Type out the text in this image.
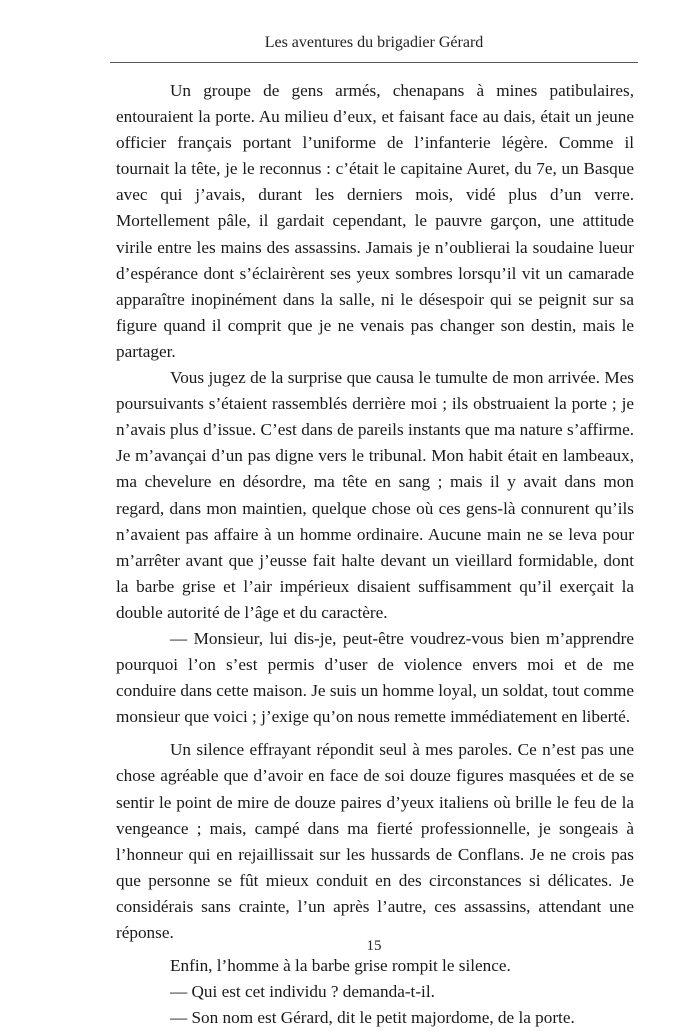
Les aventures du brigadier Gérard

Un groupe de gens armés, chenapans à mines patibulaires, entouraient la porte. Au milieu d’eux, et faisant face au dais, était un jeune officier français portant l’uniforme de l’infanterie légère. Comme il tournait la tête, je le reconnus : c’était le capitaine Auret, du 7e, un Basque avec qui j’avais, durant les derniers mois, vidé plus d’un verre. Mortellement pâle, il gardait cependant, le pauvre garçon, une attitude virile entre les mains des assassins. Jamais je n’oublierai la soudaine lueur d’espérance dont s’éclairèrent ses yeux sombres lorsqu’il vit un camarade apparaître inopinément dans la salle, ni le désespoir qui se peignit sur sa figure quand il comprit que je ne venais pas changer son destin, mais le partager.

Vous jugez de la surprise que causa le tumulte de mon arrivée. Mes poursuivants s’étaient rassemblés derrière moi ; ils obstruaient la porte ; je n’avais plus d’issue. C’est dans de pareils instants que ma nature s’affirme. Je m’avançai d’un pas digne vers le tribunal. Mon habit était en lambeaux, ma chevelure en désordre, ma tête en sang ; mais il y avait dans mon regard, dans mon maintien, quelque chose où ces gens-là connurent qu’ils n’avaient pas affaire à un homme ordinaire. Aucune main ne se leva pour m’arrêter avant que j’eusse fait halte devant un vieillard formidable, dont la barbe grise et l’air impérieux disaient suffisamment qu’il exerçait la double autorité de l’âge et du caractère.

— Monsieur, lui dis-je, peut-être voudrez-vous bien m’apprendre pourquoi l’on s’est permis d’user de violence envers moi et de me conduire dans cette maison. Je suis un homme loyal, un soldat, tout comme monsieur que voici ; j’exige qu’on nous remette immédiatement en liberté.

Un silence effrayant répondit seul à mes paroles. Ce n’est pas une chose agréable que d’avoir en face de soi douze figures masquées et de se sentir le point de mire de douze paires d’yeux italiens où brille le feu de la vengeance ; mais, campé dans ma fierté professionnelle, je songeais à l’honneur qui en rejaillissait sur les hussards de Conflans. Je ne crois pas que personne se fût mieux conduit en des circonstances si délicates. Je considérais sans crainte, l’un après l’autre, ces assassins, attendant une réponse.

Enfin, l’homme à la barbe grise rompit le silence.

— Qui est cet individu ? demanda-t-il.

— Son nom est Gérard, dit le petit majordome, de la porte.

15
